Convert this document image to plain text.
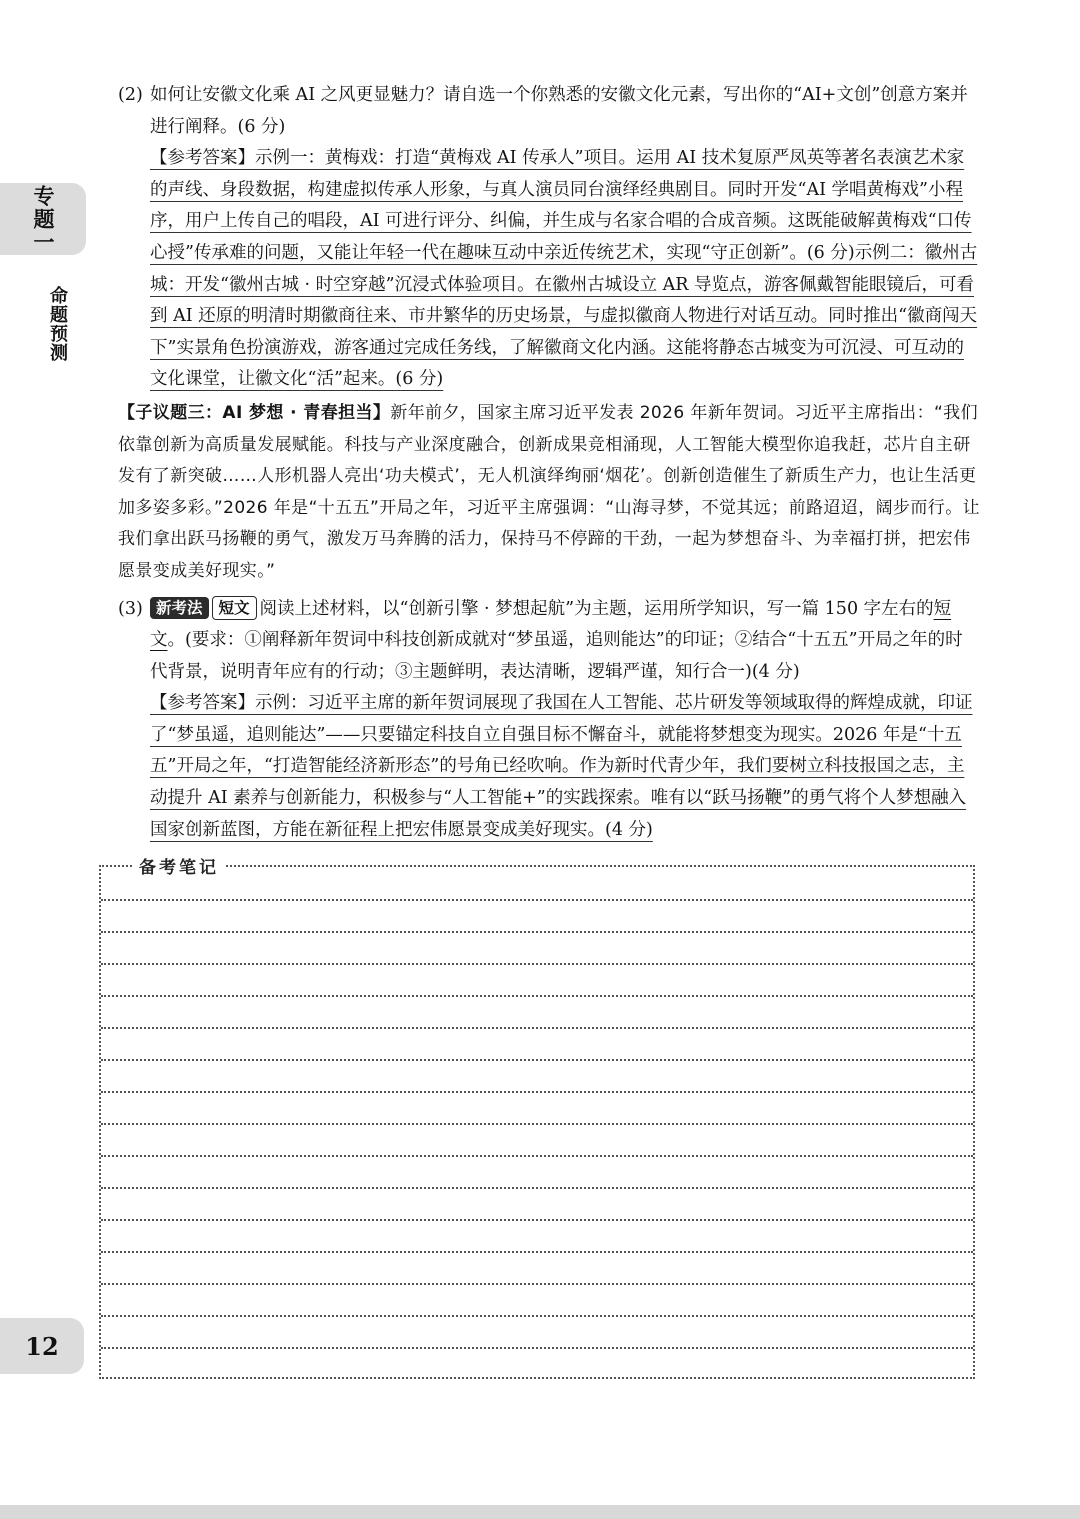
专题一
命题预测
(2) 如何让安徽文化乘 AI 之风更显魅力？请自选一个你熟悉的安徽文化元素，写出你的“AI+文创”创意方案并进行阐释。(6 分)
【参考答案】示例一：黄梅戏：打造“黄梅戏 AI 传承人”项目。运用 AI 技术复原严凤英等著名表演艺术家的声线、身段数据，构建虚拟传承人形象，与真人演员同台演绎经典剧目。同时开发“AI 学唱黄梅戏”小程序，用户上传自己的唱段，AI 可进行评分、纠偏，并生成与名家合唱的合成音频。这既能破解黄梅戏“口传心授”传承难的问题，又能让年轻一代在趣味互动中亲近传统艺术，实现“守正创新”。(6 分)示例二：徽州古城：开发“徽州古城 · 时空穿越”沉浸式体验项目。在徽州古城设立 AR 导览点，游客佩戴智能眼镜后，可看到 AI 还原的明清时期徽商往来、市井繁华的历史场景，与虚拟徽商人物进行对话互动。同时推出“徽商闯天下”实景角色扮演游戏，游客通过完成任务线，了解徽商文化内涵。这能将静态古城变为可沉浸、可互动的文化课堂，让徽文化“活”起来。(6 分)
【子议题三：AI 梦想 · 青春担当】新年前夕，国家主席习近平发表 2026 年新年贺词。习近平主席指出：“我们依靠创新为高质量发展赋能。科技与产业深度融合，创新成果竞相涌现，人工智能大模型你追我赶，芯片自主研发有了新突破……人形机器人亮出‘功夫模式’，无人机演绎绚丽‘烟花’。创新创造催生了新质生产力，也让生活更加多姿多彩。”2026 年是“十五五”开局之年，习近平主席强调：“山海寻梦，不觉其远；前路迢迢，阔步而行。让我们拿出跃马扬鞭的勇气，激发万马奔腾的活力，保持马不停蹄的干劲，一起为梦想奋斗、为幸福打拼，把宏伟愿景变成美好现实。”
(3) 新考法 短文 阅读上述材料，以“创新引擎 · 梦想起航”为主题，运用所学知识，写一篇 150 字左右的短文。(要求：①阐释新年贺词中科技创新成就对“梦虽遥，追则能达”的印证；②结合“十五五”开局之年的时代背景，说明青年应有的行动；③主题鲜明，表达清晰，逻辑严谨，知行合一)(4 分)
【参考答案】示例：习近平主席的新年贺词展现了我国在人工智能、芯片研发等领域取得的辉煌成就，印证了“梦虽遥，追则能达”——只要锚定科技自立自强目标不懈奋斗，就能将梦想变为现实。2026 年是“十五五”开局之年，“打造智能经济新形态”的号角已经吹响。作为新时代青少年，我们要树立科技报国之志，主动提升 AI 素养与创新能力，积极参与“人工智能+”的实践探索。唯有以“跃马扬鞭”的勇气将个人梦想融入国家创新蓝图，方能在新征程上把宏伟愿景变成美好现实。(4 分)
备考笔记
12
